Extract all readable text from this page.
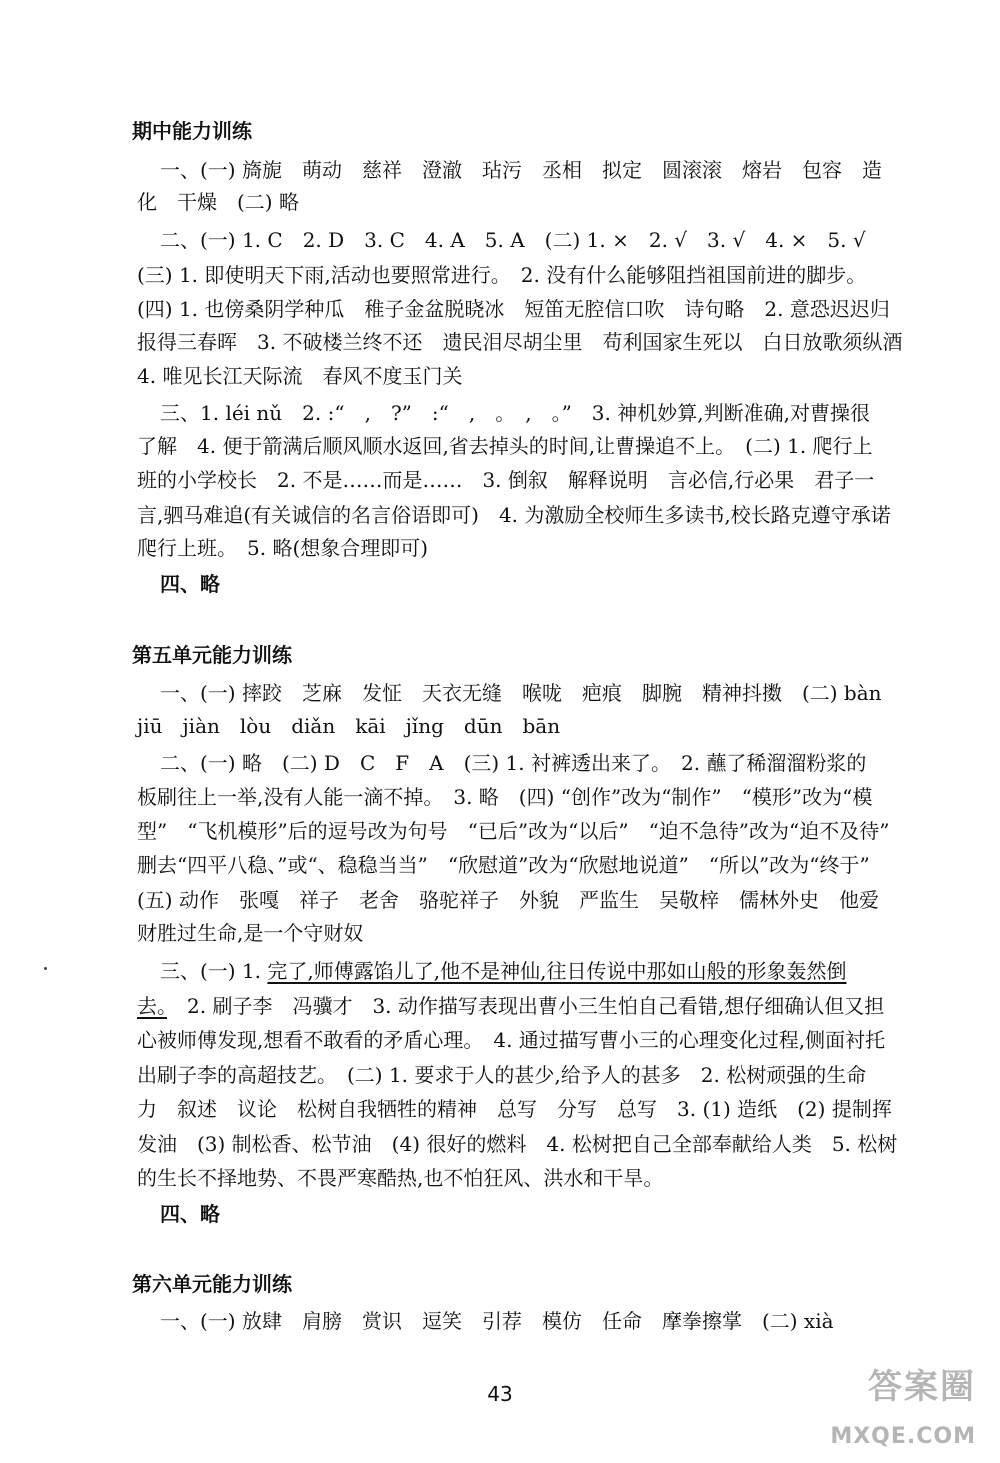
期中能力训练
一、(一) 旖旎　萌动　慈祥　澄澈　玷污　丞相　拟定　圆滚滚　熔岩　包容　造
化　干燥　(二) 略
二、(一) 1. C　2. D　3. C　4. A　5. A　(二) 1. ×　2. √　3. √　4. ×　5. √
(三) 1. 即使明天下雨,活动也要照常进行。　2. 没有什么能够阻挡祖国前进的脚步。
(四) 1. 也傍桑阴学种瓜　稚子金盆脱晓冰　短笛无腔信口吹　诗句略　2. 意恐迟迟归
报得三春晖　3. 不破楼兰终不还　遗民泪尽胡尘里　苟利国家生死以　白日放歌须纵酒
4. 唯见长江天际流　春风不度玉门关
三、1. léi nǔ　2. :“　,　?”　:“　,　。　,　。”　3. 神机妙算,判断准确,对曹操很
了解　4. 便于箭满后顺风顺水返回,省去掉头的时间,让曹操追不上。　(二) 1. 爬行上
班的小学校长　2. 不是……而是……　3. 倒叙　解释说明　言必信,行必果　君子一
言,驷马难追(有关诚信的名言俗语即可)　4. 为激励全校师生多读书,校长路克遵守承诺
爬行上班。　5. 略(想象合理即可)
四、略
第五单元能力训练
一、(一) 摔跤　芝麻　发怔　天衣无缝　喉咙　疤痕　脚腕　精神抖擞　(二) bàn
jiū　jiàn　lòu　diǎn　kāi　jǐng　dūn　bān
二、(一) 略　(二) D　C　F　A　(三) 1. 衬裤透出来了。　2. 蘸了稀溜溜粉浆的
板刷往上一举,没有人能一滴不掉。　3. 略　(四) “创作”改为“制作”　“模形”改为“模
型”　“飞机模形”后的逗号改为句号　“已后”改为“以后”　“迫不急待”改为“迫不及待”
删去“四平八稳、”或“、稳稳当当”　“欣慰道”改为“欣慰地说道”　“所以”改为“终于”
(五) 动作　张嘎　祥子　老舍　骆驼祥子　外貌　严监生　吴敬梓　儒林外史　他爱
财胜过生命,是一个守财奴
三、(一) 1. 完了,师傅露馅儿了,他不是神仙,往日传说中那如山般的形象轰然倒
去。　2. 刷子李　冯骥才　3. 动作描写表现出曹小三生怕自己看错,想仔细确认但又担
心被师傅发现,想看不敢看的矛盾心理。　4. 通过描写曹小三的心理变化过程,侧面衬托
出刷子李的高超技艺。　(二) 1. 要求于人的甚少,给予人的甚多　2. 松树顽强的生命
力　叙述　议论　松树自我牺牲的精神　总写　分写　总写　3. (1) 造纸　(2) 提制挥
发油　(3) 制松香、松节油　(4) 很好的燃料　4. 松树把自己全部奉献给人类　5. 松树
的生长不择地势、不畏严寒酷热,也不怕狂风、洪水和干旱。
四、略
第六单元能力训练
一、(一) 放肆　肩膀　赏识　逗笑　引荐　模仿　任命　摩拳擦掌　(二) xià
43	答案圈
MXQE.COM
